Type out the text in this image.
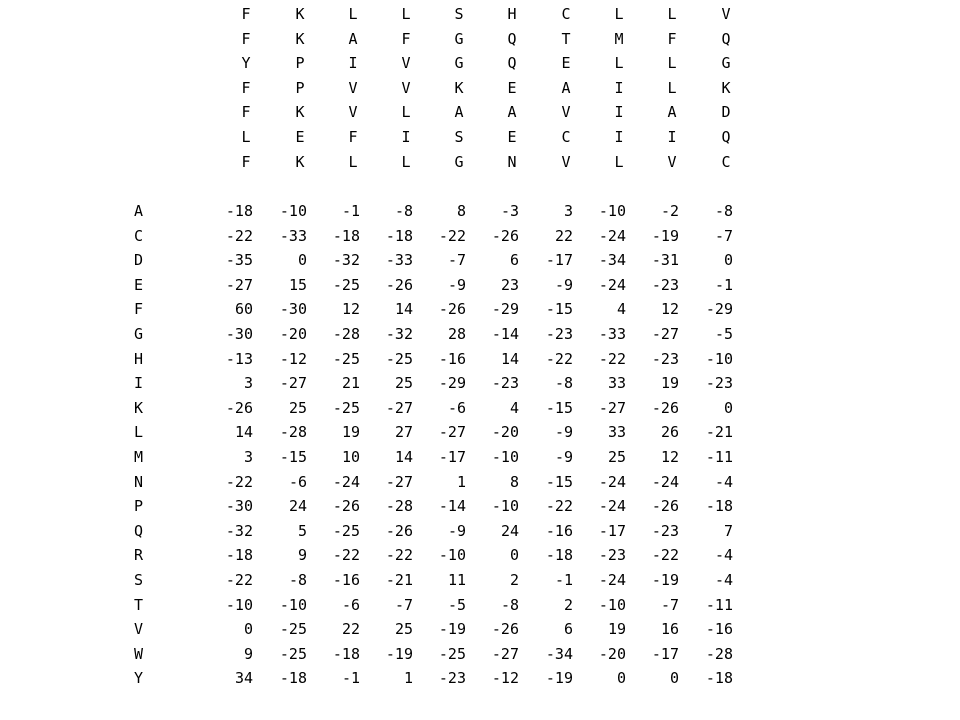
F	K	L	L	S	H	C	L	L	V
F	K	A	F	G	Q	T	M	F	Q
Y	P	I	V	G	Q	E	L	L	G
F	P	V	V	K	E	A	I	L	K
F	K	V	L	A	A	V	I	A	D
L	E	F	I	S	E	C	I	I	Q
F	K	L	L	G	N	V	L	V	C
A	-18	-10	-1	-8	8	-3	3	-10	-2	-8
C	-22	-33	-18	-18	-22	-26	22	-24	-19	-7
D	-35	0	-32	-33	-7	6	-17	-34	-31	0
E	-27	15	-25	-26	-9	23	-9	-24	-23	-1
F	60	-30	12	14	-26	-29	-15	4	12	-29
G	-30	-20	-28	-32	28	-14	-23	-33	-27	-5
H	-13	-12	-25	-25	-16	14	-22	-22	-23	-10
I	3	-27	21	25	-29	-23	-8	33	19	-23
K	-26	25	-25	-27	-6	4	-15	-27	-26	0
L	14	-28	19	27	-27	-20	-9	33	26	-21
M	3	-15	10	14	-17	-10	-9	25	12	-11
N	-22	-6	-24	-27	1	8	-15	-24	-24	-4
P	-30	24	-26	-28	-14	-10	-22	-24	-26	-18
Q	-32	5	-25	-26	-9	24	-16	-17	-23	7
R	-18	9	-22	-22	-10	0	-18	-23	-22	-4
S	-22	-8	-16	-21	11	2	-1	-24	-19	-4
T	-10	-10	-6	-7	-5	-8	2	-10	-7	-11
V	0	-25	22	25	-19	-26	6	19	16	-16
W	9	-25	-18	-19	-25	-27	-34	-20	-17	-28
Y	34	-18	-1	1	-23	-12	-19	0	0	-18
